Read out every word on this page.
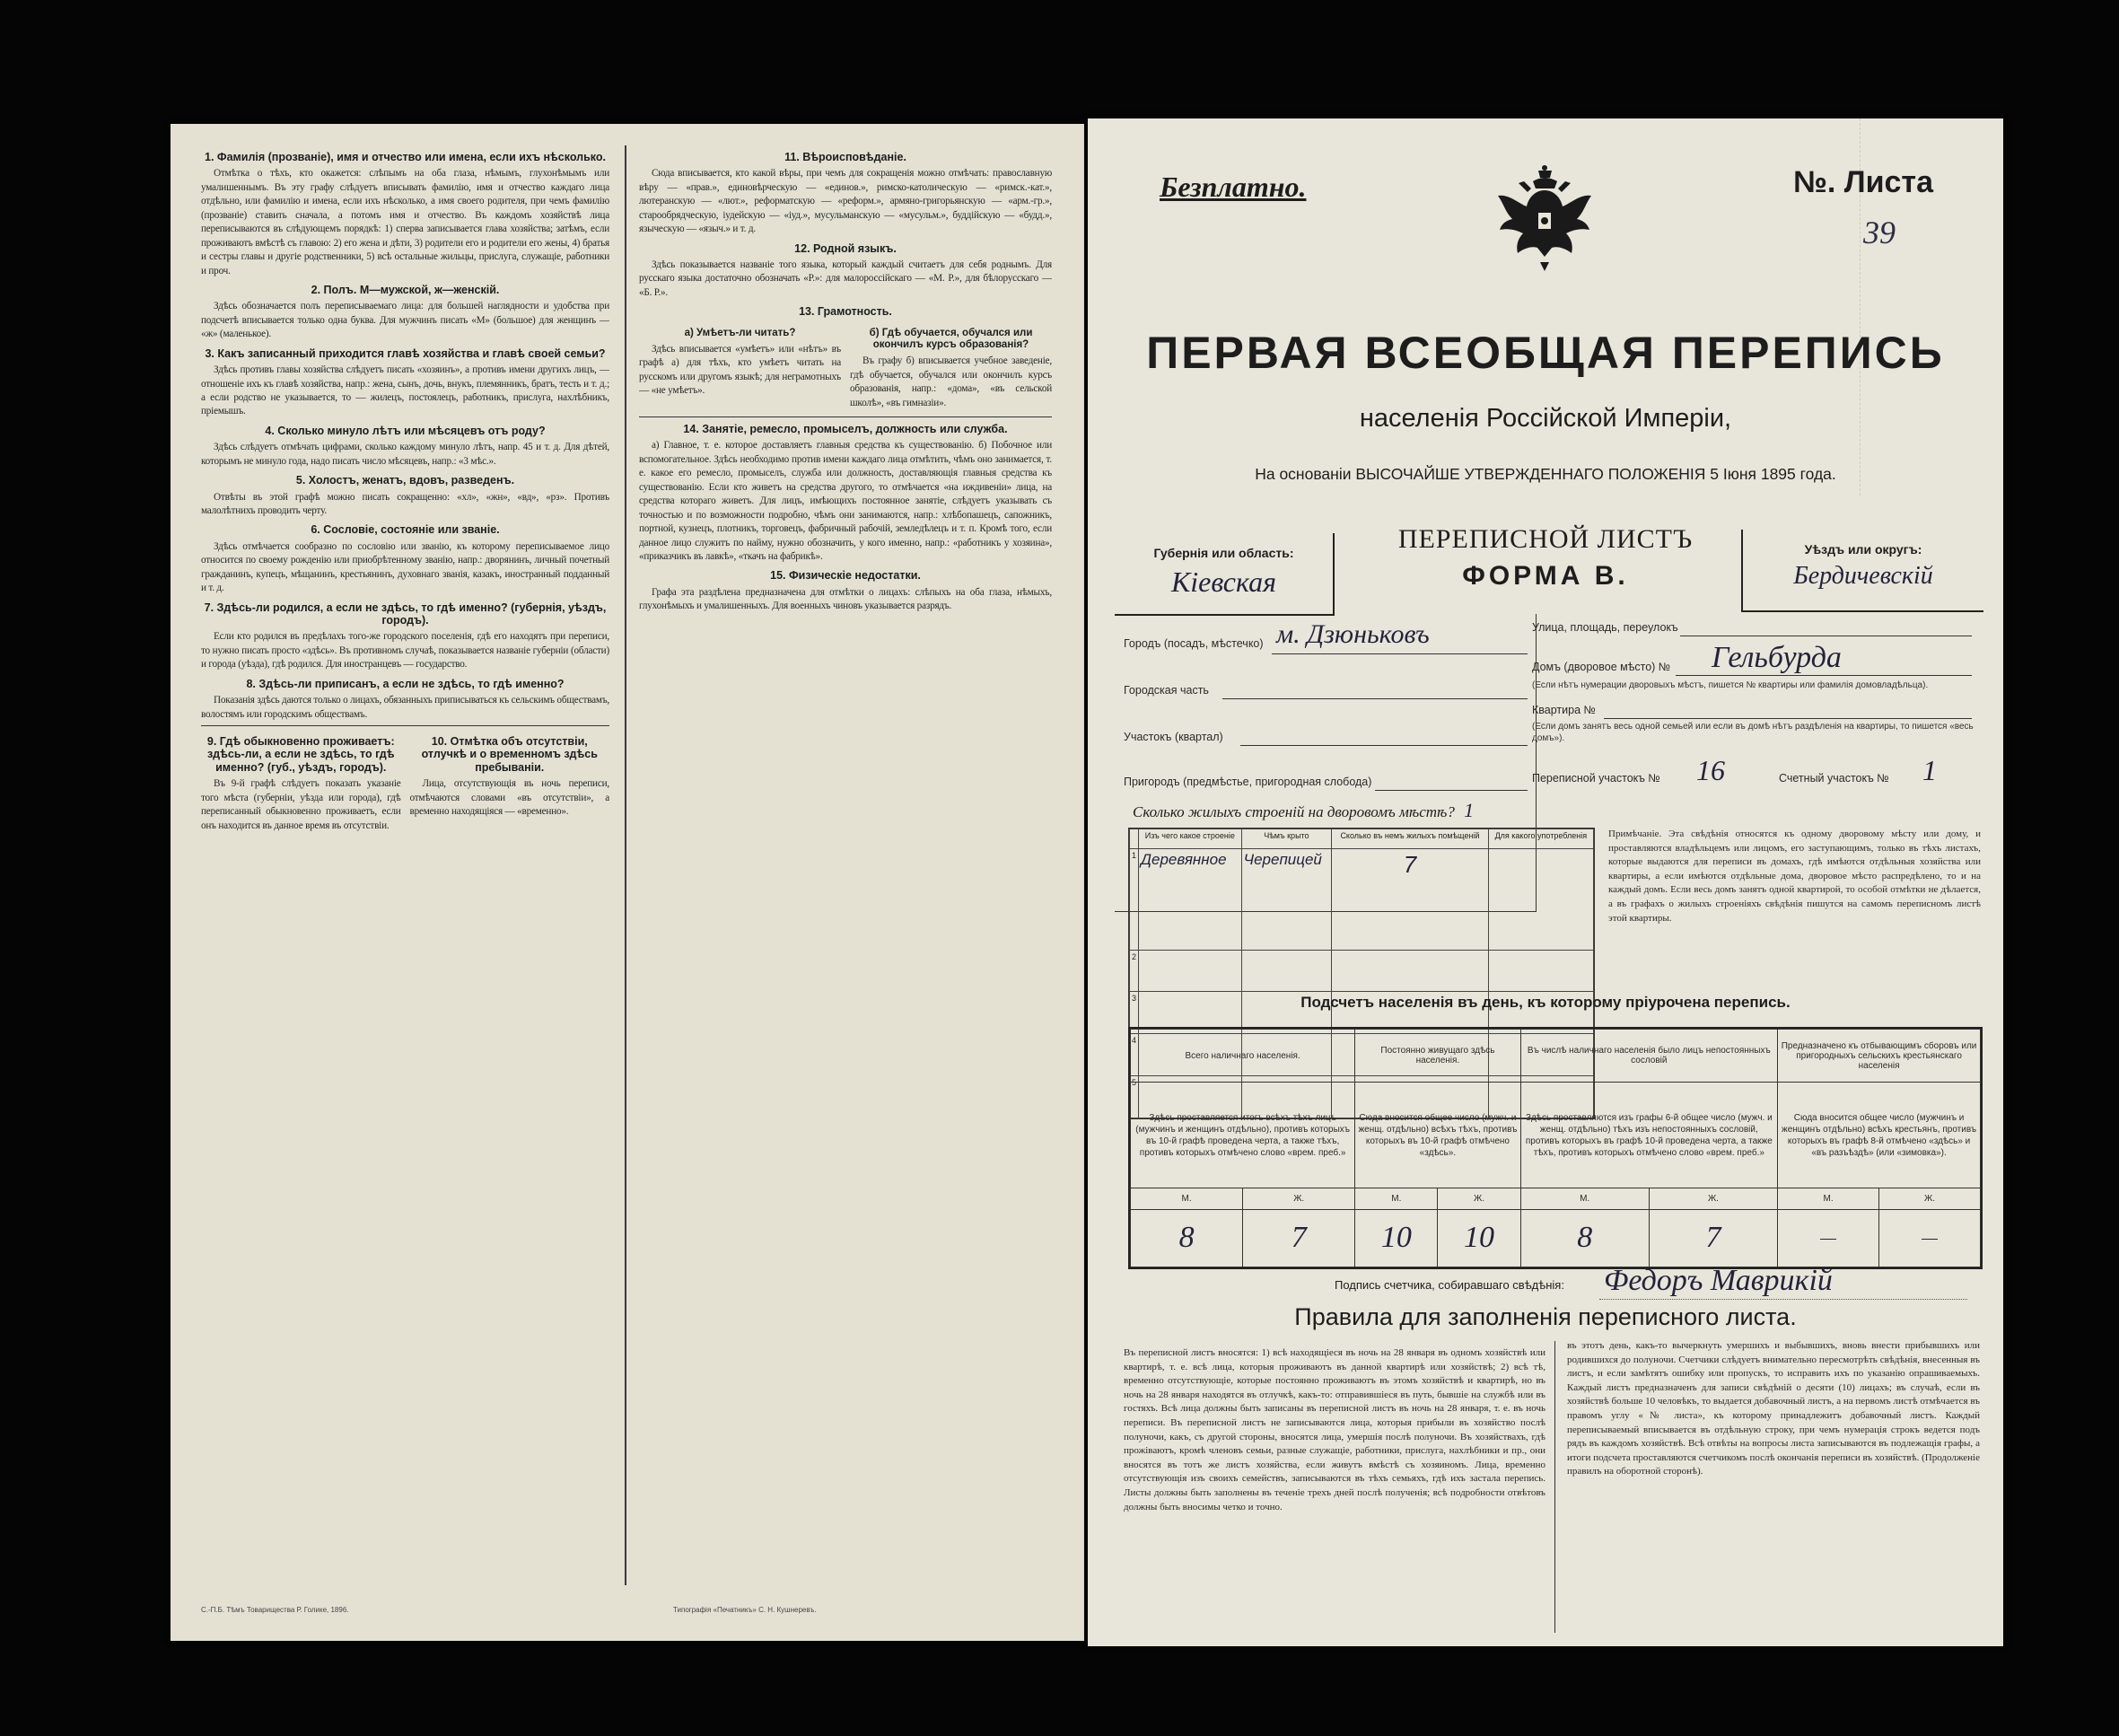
1. Фамилія (прозваніе), имя и отчество или имена, если ихъ нѣсколько.
Отмѣтка о тѣхъ, кто окажется: слѣпымъ на оба глаза, нѣмымъ, глухонѣмымъ или умалишеннымъ. Въ эту графу слѣдуетъ вписывать фамилію, имя и отчество каждаго лица отдѣльно, или фамилію и имена, если ихъ нѣсколько, а имя своего родителя, при чемъ фамилію (прозваніе) ставить сначала, а потомъ имя и отчество. Въ каждомъ хозяйствѣ лица переписываются въ слѣдующемъ порядкѣ: 1) сперва записывается глава хозяйства; затѣмъ, если проживаютъ вмѣстѣ съ главою: 2) его жена и дѣти, 3) родители его и родители его жены, 4) братья и сестры главы и другіе родственники, 5) всѣ остальные жильцы, прислуга, служащіе, работники и проч.
2. Полъ. М—мужской, ж—женскій.
Здѣсь обозначается полъ переписываемаго лица: для большей наглядности и удобства при подсчетѣ вписывается только одна буква. Для мужчинъ писать «М» (большое) для женщинъ — «ж» (маленькое).
3. Какъ записанный приходится главѣ хозяйства и главѣ своей семьи?
Здѣсь противъ главы хозяйства слѣдуетъ писать «хозяинъ», а противъ имени другихъ лицъ, — отношеніе ихъ къ главѣ хозяйства, напр.: жена, сынъ, дочь, внукъ, племянникъ, братъ, тесть и т. д.; а если родство не указывается, то — жилецъ, постоялецъ, работникъ, прислуга, нахлѣбникъ, пріемышъ.
4. Сколько минуло лѣтъ или мѣсяцевъ отъ роду?
Здѣсь слѣдуетъ отмѣчать цифрами, сколько каждому минуло лѣтъ, напр. 45 и т. д. Для дѣтей, которымъ не минуло года, надо писать число мѣсяцевъ, напр.: «3 мѣс.».
5. Холостъ, женатъ, вдовъ, разведенъ.
Отвѣты въ этой графѣ можно писать сокращенно: «хл», «жн», «вд», «рз». Противъ малолѣтнихъ проводить черту.
6. Сословіе, состояніе или званіе.
Здѣсь отмѣчается сообразно по сословію или званію, къ которому переписываемое лицо относится по своему рожденію или приобрѣтенному званію, напр.: дворянинъ, личный почетный гражданинъ, купецъ, мѣщанинъ, крестьянинъ, духовнаго званія, казакъ, иностранный подданный и т. д.
7. Здѣсь-ли родился, а если не здѣсь, то гдѣ именно? (губернія, уѣздъ, городъ).
Если кто родился въ предѣлахъ того-же городского поселенія, гдѣ его находятъ при переписи, то нужно писать просто «здѣсь». Въ противномъ случаѣ, показывается названіе губерніи (области) и города (уѣзда), гдѣ родился. Для иностранцевъ — государство.
8. Здѣсь-ли приписанъ, а если не здѣсь, то гдѣ именно?
Показанія здѣсь даются только о лицахъ, обязанныхъ приписываться къ сельскимъ обществамъ, волостямъ или городскимъ обществамъ.
9. Гдѣ обыкновенно проживаетъ: здѣсь-ли, а если не здѣсь, то гдѣ именно? (губ., уѣздъ, городъ).
Въ 9-й графѣ слѣдуетъ показать указаніе того мѣста (губерніи, уѣзда или города), гдѣ переписанный обыкновенно проживаетъ, если онъ находится въ данное время въ отсутствіи.
10. Отмѣтка объ отсутствіи, отлучкѣ и о временномъ здѣсь пребываніи.
Лица, отсутствующія въ ночь переписи, отмѣчаются словами «въ отсутствіи», а временно находящіяся — «временно».
11. Вѣроисповѣданіе.
Сюда вписывается, кто какой вѣры, при чемъ для сокращенія можно отмѣчать: православную вѣру — «прав.», единовѣрческую — «единов.», римско-католическую — «римск.-кат.», лютеранскую — «лют.», реформатскую — «реформ.», армяно-григорьянскую — «арм.-гр.», старообрядческую, іудейскую — «іуд.», мусульманскую — «мусульм.», буддійскую — «будд.», языческую — «языч.» и т. д.
12. Родной языкъ.
Здѣсь показывается названіе того языка, который каждый считаетъ для себя роднымъ. Для русскаго языка достаточно обозначать «Р.»: для малороссійскаго — «М. Р.», для бѣлорусскаго — «Б. Р.».
13. Грамотность.
а) Умѣетъ-ли читать?
Здѣсь вписывается «умѣетъ» или «нѣтъ» въ графѣ а) для тѣхъ, кто умѣетъ читать на русскомъ или другомъ языкѣ; для неграмотныхъ — «не умѣетъ».
б) Гдѣ обучается, обучался или окончилъ курсъ образованія?
Въ графу б) вписывается учебное заведеніе, гдѣ обучается, обучался или окончилъ курсъ образованія, напр.: «дома», «въ сельской школѣ», «въ гимназіи».
14. Занятіе, ремесло, промыселъ, должность или служба.
а) Главное, т. е. которое доставляетъ главныя средства къ существованію. б) Побочное или вспомогательное. Здѣсь необходимо против имени каждаго лица отмѣтить, чѣмъ оно занимается, т. е. какое его ремесло, промыселъ, служба или должность, доставляющія главныя средства къ существованію. Если кто живетъ на средства другого, то отмѣчается «на иждивеніи» лица, на средства котораго живетъ. Для лицъ, имѣющихъ постоянное занятіе, слѣдуетъ указывать съ точностью и по возможности подробно, чѣмъ они занимаются, напр.: хлѣбопашецъ, сапожникъ, портной, кузнецъ, плотникъ, торговецъ, фабричный рабочій, земледѣлецъ и т. п. Кромѣ того, если данное лицо служитъ по найму, нужно обозначить, у кого именно, напр.: «работникъ у хозяина», «приказчикъ въ лавкѣ», «ткачъ на фабрикѣ».
15. Физическіе недостатки.
Графа эта раздѣлена предназначена для отмѣтки о лицахъ: слѣпыхъ на оба глаза, нѣмыхъ, глухонѣмыхъ и умалишенныхъ. Для военныхъ чиновъ указывается разрядъ.
С.-П.Б. Тѣмъ Товарищества Р. Голике, 1896.	Типографія «Печатникъ» С. Н. Кушнеревъ.
Безплатно.	№. Листа
39
ПЕРВАЯ ВСЕОБЩАЯ ПЕРЕПИСЬ
населенія Россійской Имперіи,
На основаніи ВЫСОЧАЙШЕ УТВЕРЖДЕННАГО ПОЛОЖЕНІЯ 5 Іюня 1895 года.
Губернія или область:
Кіевская
ПЕРЕПИСНОЙ ЛИСТЪ
ФОРМА В.
Уѣздъ или округъ:
Бердичевскій
Городъ (посадъ, мѣстечко) м. Дзюньковъ
Городская часть
Участокъ (квартал)
Пригородъ (предмѣстье, пригородная слобода)
Улица, площадь, переулокъ
Домъ (дворовое мѣсто) № Гельбурда
(Если нѣтъ нумерации дворовыхъ мѣстъ, пишется № квартиры или фамилія домовладѣльца).
Квартира №
(Если домъ занятъ весь одной семьей или если въ домѣ нѣтъ раздѣленія на квартиры, то пишется «весь домъ»).
Переписной участокъ № 16	Счетный участокъ № 1
Сколько жилыхъ строеній на дворовомъ мѣстѣ? 1
	Изъ чего какое строеніе	Чѣмъ крыто	Сколько въ немъ жилыхъ помѣщеній	Для какого употребленія
1	Деревянное	Черепицей	7	
2				
3				
4				
5				
Примѣчаніе. Эта свѣдѣнія относятся къ одному дворовому мѣсту или дому, и проставляются владѣльцемъ или лицомъ, его заступающимъ, только въ тѣхъ листахъ, которые выдаются для переписи въ домахъ, гдѣ имѣются отдѣльныя хозяйства или квартиры, а если имѣются отдѣльные дома, дворовое мѣсто распредѣлено, то и на каждый домъ. Если весь домъ занятъ одной квартирой, то особой отмѣтки не дѣлается, а въ графахъ о жилыхъ строеніяхъ свѣдѣнія пишутся на самомъ переписномъ листѣ этой квартиры.
Подсчетъ населенія въ день, къ которому пріурочена перепись.
Всего наличнаго населенія.		Постоянно живущаго здѣсь населенія.		Въ числѣ наличнаго населенія было лицъ непостоянныхъ сословій		Предназначено къ отбывающимъ сборовъ или пригородныхъ сельскихъ крестьянскаго населенія	
Здѣсь проставляется итогъ всѣхъ тѣхъ лицъ (мужчинъ и женщинъ отдѣльно), противъ которыхъ въ 10-й графѣ проведена черта, а также тѣхъ, противъ которыхъ отмѣчено слово «врем. преб.»		Сюда вносится общее число (мужч. и женщ. отдѣльно) всѣхъ тѣхъ, противъ которыхъ въ 10-й графѣ отмѣчено «здѣсь».		Здѣсь проставляются изъ графы 6-й общее число (мужч. и женщ. отдѣльно) тѣхъ изъ непостоянныхъ сословій, противъ которыхъ въ графѣ 10-й проведена черта, а также тѣхъ, противъ которыхъ отмѣчено слово «врем. преб.»		Сюда вносится общее число (мужчинъ и женщинъ отдѣльно) всѣхъ крестьянъ, противъ которыхъ въ графѣ 8-й отмѣчено «здѣсь» и «въ разъѣздѣ» (или «зимовка»).	
М.	Ж.	М.	Ж.	М.	Ж.	М.	Ж.
8	7	10	10	8	7	—	—
Подпись счетчика, собиравшаго свѣдѣнія: Федоръ Маврикій
Правила для заполненія переписного листа.
Въ переписной листъ вносятся: 1) всѣ находящіеся въ ночь на 28 января въ одномъ хозяйствѣ или квартирѣ, т. е. всѣ лица, которыя проживаютъ въ данной квартирѣ или хозяйствѣ; 2) всѣ тѣ, временно отсутствующіе, которые постоянно проживаютъ въ этомъ хозяйствѣ и квартирѣ, но въ ночь на 28 января находятся въ отлучкѣ, какъ-то: отправившіеся въ путь, бывшіе на службѣ или въ гостяхъ. Всѣ лица должны быть записаны въ переписной листъ въ ночь на 28 января, т. е. въ ночь переписи. Въ переписной листъ не записываются лица, которыя прибыли въ хозяйство послѣ полуночи, какъ, съ другой стороны, вносятся лица, умершія послѣ полуночи. Въ хозяйствахъ, гдѣ прожіваютъ, кромѣ членовъ семьи, разные служащіе, работники, прислуга, нахлѣбники и пр., они вносятся въ тотъ же листъ хозяйства, если живутъ вмѣстѣ съ хозяиномъ. Лица, временно отсутствующія изъ своихъ семействъ, записываются въ тѣхъ семьяхъ, гдѣ ихъ застала перепись. Листы должны быть заполнены въ теченіе трехъ дней послѣ полученія; всѣ подробности отвѣтовъ должны быть вносимы четко и точно.
въ этотъ день, какъ-то вычеркнуть умершихъ и выбывшихъ, вновь внести прибывшихъ или родившихся до полуночи. Счетчики слѣдуетъ внимательно пересмотрѣть свѣдѣнія, внесенныя въ листъ, и если замѣтятъ ошибку или пропускъ, то исправить ихъ по указанію опрашиваемыхъ. Каждый листъ предназначенъ для записи свѣдѣній о десяти (10) лицахъ; въ случаѣ, если въ хозяйствѣ больше 10 человѣкъ, то выдается добавочный листъ, а на первомъ листѣ отмѣчается въ правомъ углу «№ листа», къ которому принадлежитъ добавочный листъ. Каждый переписываемый вписывается въ отдѣльную строку, при чемъ нумерація строкъ ведется подъ рядъ въ каждомъ хозяйствѣ. Всѣ отвѣты на вопросы листа записываются въ подлежащія графы, а итоги подсчета проставляются счетчикомъ послѣ окончанія переписи въ хозяйствѣ. (Продолженіе правилъ на оборотной сторонѣ).
